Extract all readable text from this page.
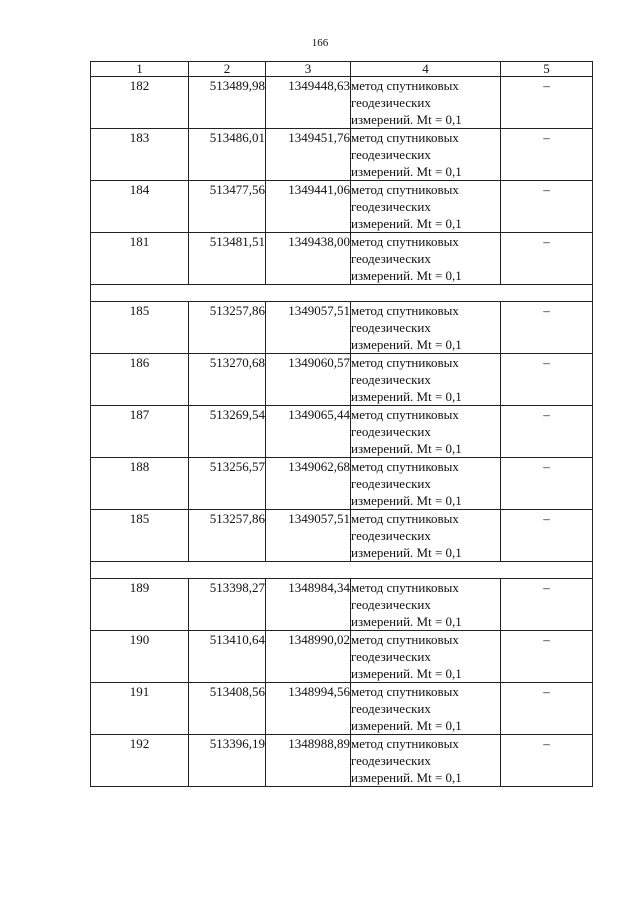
166
1	2	3	4	5
182	513489,98	1349448,63	метод спутниковых
геодезических
измерений. Mt = 0,1	–
183	513486,01	1349451,76	метод спутниковых
геодезических
измерений. Mt = 0,1	–
184	513477,56	1349441,06	метод спутниковых
геодезических
измерений. Mt = 0,1	–
181	513481,51	1349438,00	метод спутниковых
геодезических
измерений. Mt = 0,1	–

185	513257,86	1349057,51	метод спутниковых
геодезических
измерений. Mt = 0,1	–
186	513270,68	1349060,57	метод спутниковых
геодезических
измерений. Mt = 0,1	–
187	513269,54	1349065,44	метод спутниковых
геодезических
измерений. Mt = 0,1	–
188	513256,57	1349062,68	метод спутниковых
геодезических
измерений. Mt = 0,1	–
185	513257,86	1349057,51	метод спутниковых
геодезических
измерений. Mt = 0,1	–

189	513398,27	1348984,34	метод спутниковых
геодезических
измерений. Mt = 0,1	–
190	513410,64	1348990,02	метод спутниковых
геодезических
измерений. Mt = 0,1	–
191	513408,56	1348994,56	метод спутниковых
геодезических
измерений. Mt = 0,1	–
192	513396,19	1348988,89	метод спутниковых
геодезических
измерений. Mt = 0,1	–
